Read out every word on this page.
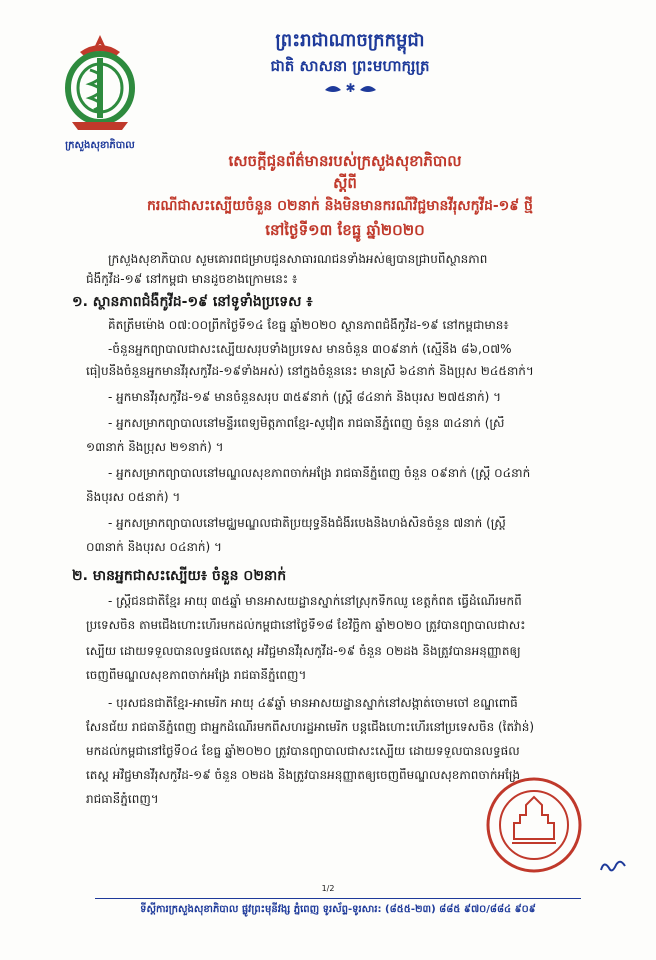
ក្រសួងសុខាភិបាល
ព្រះរាជាណាចក្រកម្ពុជា
ជាតិ សាសនា ព្រះមហាក្សត្រ
✱
សេចក្តីជូនព័ត៌មានរបស់ក្រសួងសុខាភិបាល
ស្តីពី
ករណីជាសះស្បើយចំនួន ០២នាក់ និងមិនមានករណីវិជ្ជមានវីរុសកូវីដ-១៩ ថ្មី
នៅថ្ងៃទី១៣ ខែធ្នូ ឆ្នាំ២០២០
ក្រសួងសុខាភិបាល សូមគោរពជម្រាបជូនសាធារណជនទាំងអស់ឲ្យបានជ្រាបពីស្ថានភាព
ជំងឺកូវីដ-១៩ នៅកម្ពុជា មានដូចខាងក្រោមនេះ ៖
១. ស្ថានភាពជំងឺកូវីដ-១៩ នៅទូទាំងប្រទេស ៖
គិតត្រឹមម៉ោង ០៧:០០ព្រឹកថ្ងៃទី១៤ ខែធ្នូ ឆ្នាំ២០២០ ស្ថានភាពជំងឺកូវីដ-១៩ នៅកម្ពុជាមាន៖
-ចំនួនអ្នកព្យាបាលជាសះស្បើយសរុបទាំងប្រទេស មានចំនួន ៣០៩នាក់ (ស្មើនឹង ៨៦,០៧%
ធៀបនឹងចំនួនអ្នកមានវីរុសកូវីដ-១៩ទាំងអស់) នៅក្នុងចំនួននេះ មានស្រី ៦៤នាក់ និងប្រុស ២៤៥នាក់។
- អ្នកមានវីរុសកូវីដ-១៩ មានចំនួនសរុប ៣៥៩នាក់ (ស្ត្រី ៨៤នាក់ និងបុរស ២៧៥នាក់) ។
- អ្នកសម្រាកព្យាបាលនៅមន្ទីរពេទ្យមិត្តភាពខ្មែរ-សូវៀត រាជធានីភ្នំពេញ ចំនួន ៣៤នាក់ (ស្រី
១៣នាក់ និងប្រុស ២១នាក់) ។
- អ្នកសម្រាកព្យាបាលនៅមណ្ឌលសុខភាពចាក់អង្រែ រាជធានីភ្នំពេញ ចំនួន ០៩នាក់ (ស្ត្រី ០៤នាក់
និងបុរស ០៥នាក់) ។
- អ្នកសម្រាកព្យាបាលនៅមជ្ឈមណ្ឌលជាតិប្រយុទ្ធនឹងជំងឺរបេងនិងហង់សិនចំនួន ៧នាក់ (ស្ត្រី
០៣នាក់ និងបុរស ០៤នាក់) ។
២. មានអ្នកជាសះស្បើយ៖ ចំនួន ០២នាក់
- ស្ត្រីជនជាតិខ្មែរ អាយុ ៣៥ឆ្នាំ មានអាសយដ្ឋានស្នាក់នៅស្រុកទឹកឈូ ខេត្តកំពត ធ្វើដំណើរមកពី
ប្រទេសចិន តាមជើងហោះហើរមកដល់កម្ពុជានៅថ្ងៃទី១៨ ខែវិច្ឆិកា ឆ្នាំ២០២០ ត្រូវបានព្យាបាលជាសះ
ស្បើយ ដោយទទួលបានលទ្ធផលតេស្ត អវិជ្ជមានវីរុសកូវីដ-១៩ ចំនួន ០២ដង និងត្រូវបានអនុញ្ញាតឲ្យ
ចេញពីមណ្ឌលសុខភាពចាក់អង្រែ រាជធានីភ្នំពេញ។
- បុរសជនជាតិខ្មែរ-អាមេរិក អាយុ ៤៩ឆ្នាំ មានអាសយដ្ឋានស្នាក់នៅសង្កាត់ចោមចៅ ខណ្ឌពោធិ៍
សែនជ័យ រាជធានីភ្នំពេញ ជាអ្នកដំណើរមកពីសហរដ្ឋអាមេរិក បន្តជើងហោះហើរនៅប្រទេសចិន (តៃវ៉ាន់)
មកដល់កម្ពុជានៅថ្ងៃទី០៤ ខែធ្នូ ឆ្នាំ២០២០ ត្រូវបានព្យាបាលជាសះស្បើយ ដោយទទួលបានលទ្ធផល
តេស្ត អវិជ្ជមានវីរុសកូវីដ-១៩ ចំនួន ០២ដង និងត្រូវបានអនុញ្ញាតឲ្យចេញពីមណ្ឌលសុខភាពចាក់អង្រែ
រាជធានីភ្នំពេញ។
1/2
ទីស្តីការក្រសួងសុខាភិបាល ផ្លូវព្រះមុនីវង្ស ភ្នំពេញ ទូរស័ព្ទ-ទូរសារ: (៨៥៥-២៣) ៨៨៥ ៩៧០/៨៨៤ ៩០៩
